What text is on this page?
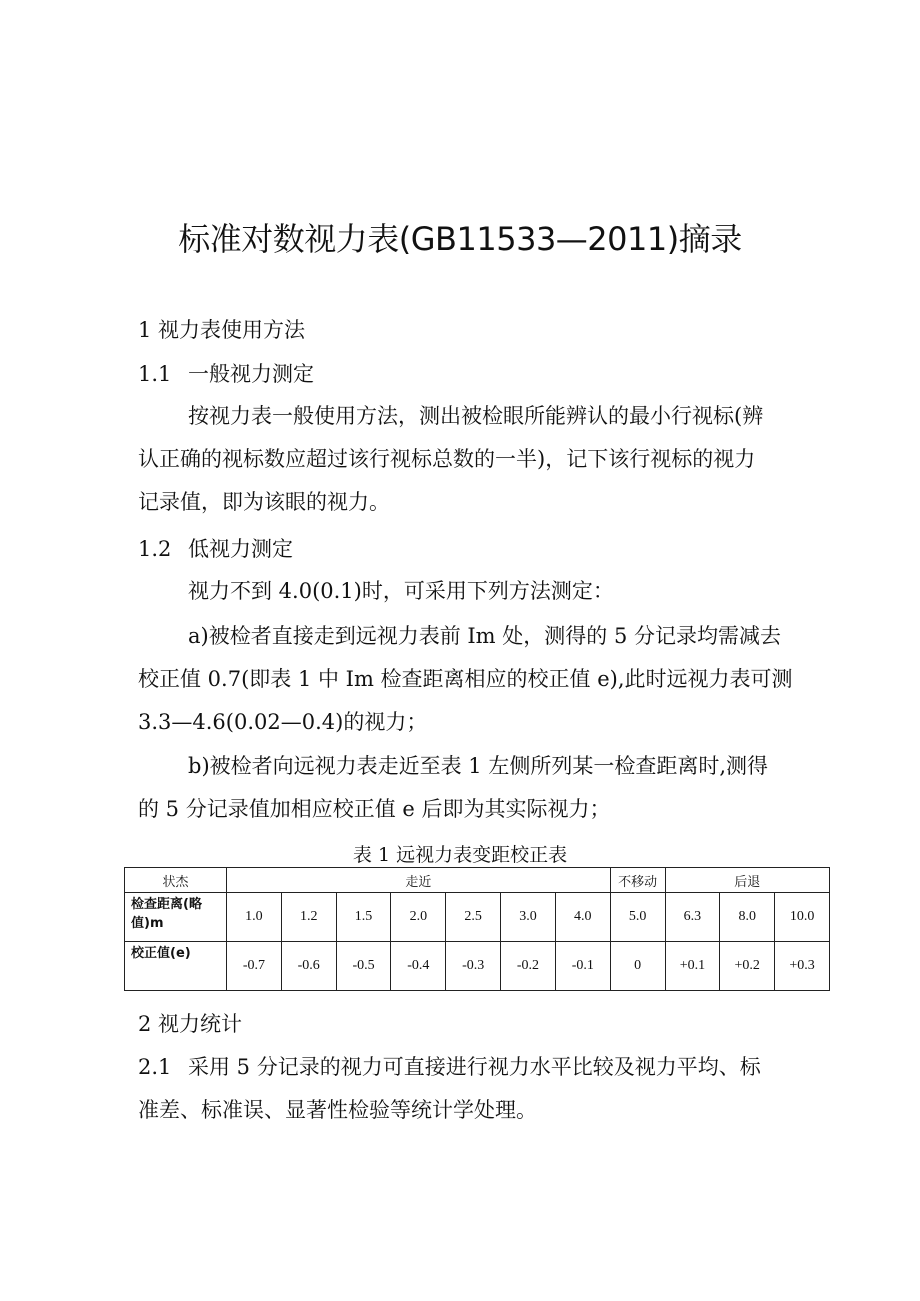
标准对数视力表(GB11533—2011)摘录

1 视力表使用方法

1.1 一般视力测定

按视力表一般使用方法，测出被检眼所能辨认的最小行视标(辨

认正确的视标数应超过该行视标总数的一半)，记下该行视标的视力

记录值，即为该眼的视力。

1.2 低视力测定

视力不到 4.0(0.1)时，可采用下列方法测定：

a)被检者直接走到远视力表前 Im 处，测得的 5 分记录均需减去

校正值 0.7(即表 1 中 Im 检查距离相应的校正值 e),此时远视力表可测

3.3—4.6(0.02—0.4)的视力；

b)被检者向远视力表走近至表 1 左侧所列某一检查距离时,测得

的 5 分记录值加相应校正值 e 后即为其实际视力；

表 1 远视力表变距校正表

状杰	走近							不移动	后退		
检查距离(略值)m	1.0	1.2	1.5	2.0	2.5	3.0	4.0	5.0	6.3	8.0	10.0
校正值(e)	-0.7	-0.6	-0.5	-0.4	-0.3	-0.2	-0.1	0	+0.1	+0.2	+0.3

2 视力统计

2.1 采用 5 分记录的视力可直接进行视力水平比较及视力平均、标

准差、标准误、显著性检验等统计学处理。
